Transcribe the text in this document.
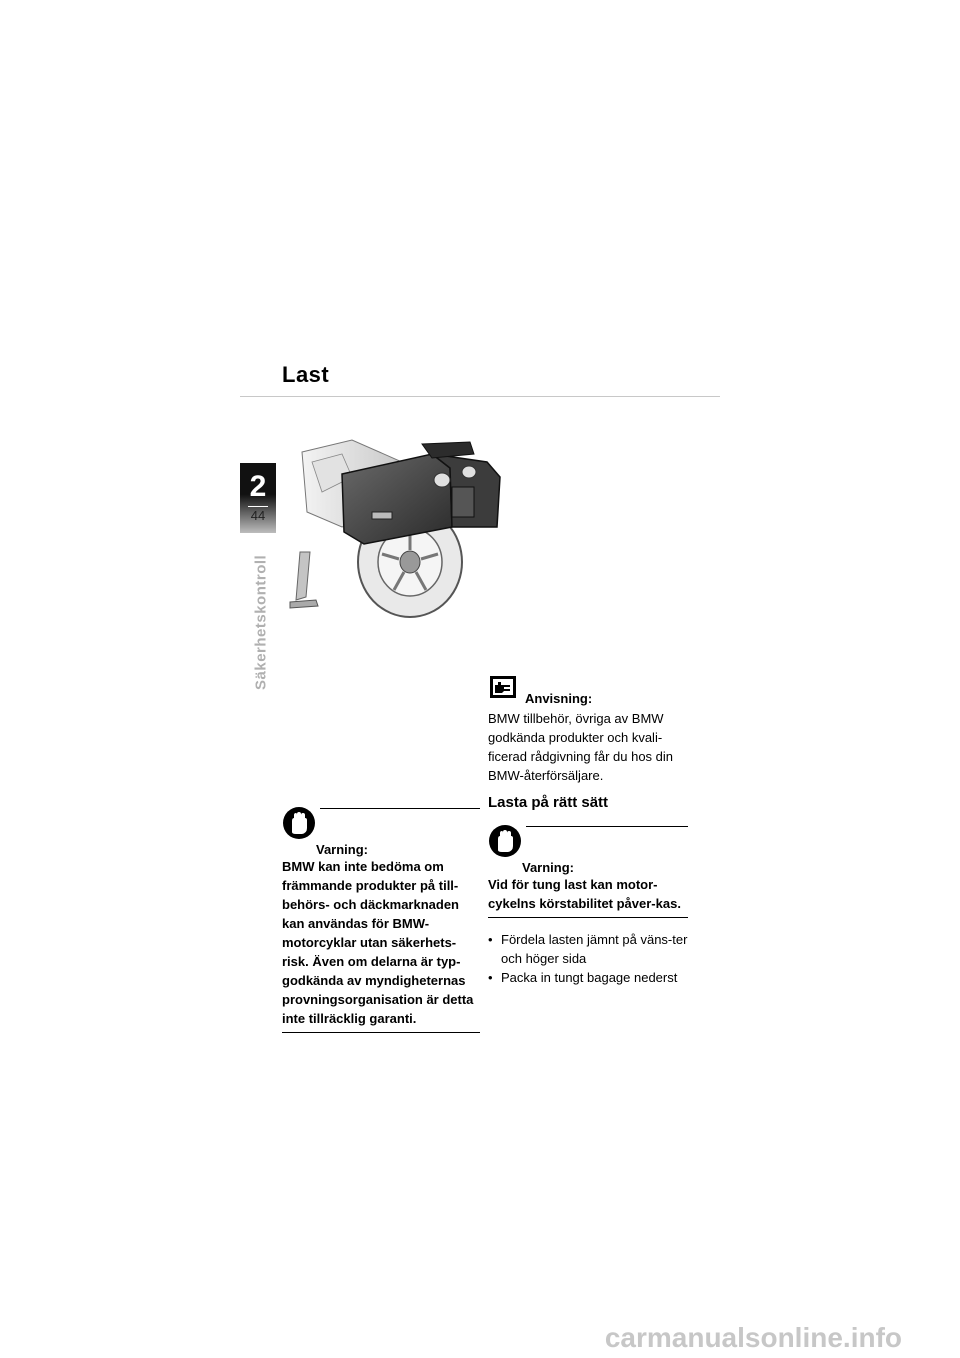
Last
2
44
Säkerhetskontroll
Varning:
BMW kan inte bedöma om främmande produkter på till-behörs- och däckmarknaden kan användas för BMW-motorcyklar utan säkerhets-risk. Även om delarna är typ-godkända av myndigheternas provningsorganisation är detta inte tillräcklig garanti.
Anvisning:
BMW tillbehör, övriga av BMW godkända produkter och kvali-ficerad rådgivning får du hos din BMW-återförsäljare.
Lasta på rätt sätt
Varning:
Vid för tung last kan motor-cykelns körstabilitet påver-kas.
• Fördela lasten jämnt på väns-ter och höger sida
• Packa in tungt bagage nederst
carmanualsonline.info
